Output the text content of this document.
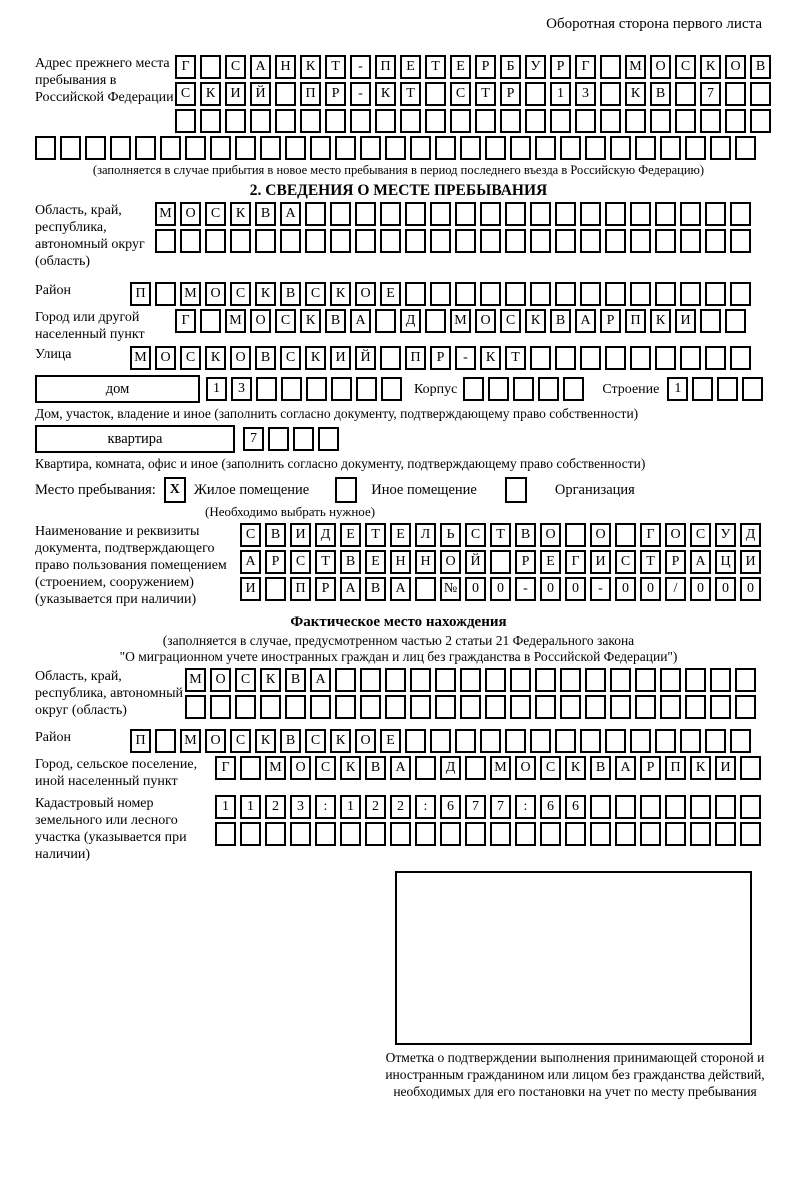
Оборотная сторона первого листа
Адрес прежнего места пребывания в Российской Федерации
Г	С	А	Н	К	Т	-	П	Е	Т	Е	Р	Б	У	Р	Г	М О	С	К	О	В
С	К	И	Й	П	Р	-	К	Т	С	Т	Р	1	3	К	В	7
(заполняется в случае прибытия в новое место пребывания в период последнего въезда в Российскую Федерацию)
2. СВЕДЕНИЯ О МЕСТЕ ПРЕБЫВАНИЯ
Область, край, республика, автономный округ (область)
М О	С	К	В	А
Район	П	М О	С	К	В	С	К	О	Е
Город или другой населенный пункт
Г	М О	С	К	В	А	Д	М О	С	К	В	А	Р	П	К	И
Улица	М О	С	К	О	В	С	К	И	Й	П	Р	-	К	Т
дом	1	3	Корпус	Строение	1
Дом, участок, владение и иное (заполнить согласно документу, подтверждающему право собственности)
квартира	7
Квартира, комната, офис и иное (заполнить согласно документу, подтверждающему право собственности)
Место пребывания: X Жилое помещение	Иное помещение	Организация
(Необходимо выбрать нужное)
Наименование и реквизиты документа, подтверждающего право пользования помещением (строением, сооружением) (указывается при наличии)
С	В	И	Д	Е	Т	Е	Л	Ь	С	Т	В	О	О	Г	О	С	У	Д
А	Р	С	Т	В	Е	Н	Н	О	Й	Р	Е	Г	И	С	Т	Р	А	Ц	И
И	П	Р	А	В	А	№	0	0	-	0	0	-	0	0	/	0	0	0
Фактическое место нахождения
(заполняется в случае, предусмотренном частью 2 статьи 21 Федерального закона
"О миграционном учете иностранных граждан и лиц без гражданства в Российской Федерации")
Область, край, республика, автономный округ (область)
М О	С	К	В	А
Район	П	М О	С	К	В	С	К	О	Е
Город, сельское поселение, иной населенный пункт
Г	М О	С	К	В	А	Д	М О	С	К	В	А	Р	П	К	И
Кадастровый номер земельного или лесного участка (указывается при наличии)
1	1	2	3	:	1	2	2	:	6	7	7	:	6	6
Отметка о подтверждении выполнения принимающей стороной и иностранным гражданином или лицом без гражданства действий, необходимых для его постановки на учет по месту пребывания
